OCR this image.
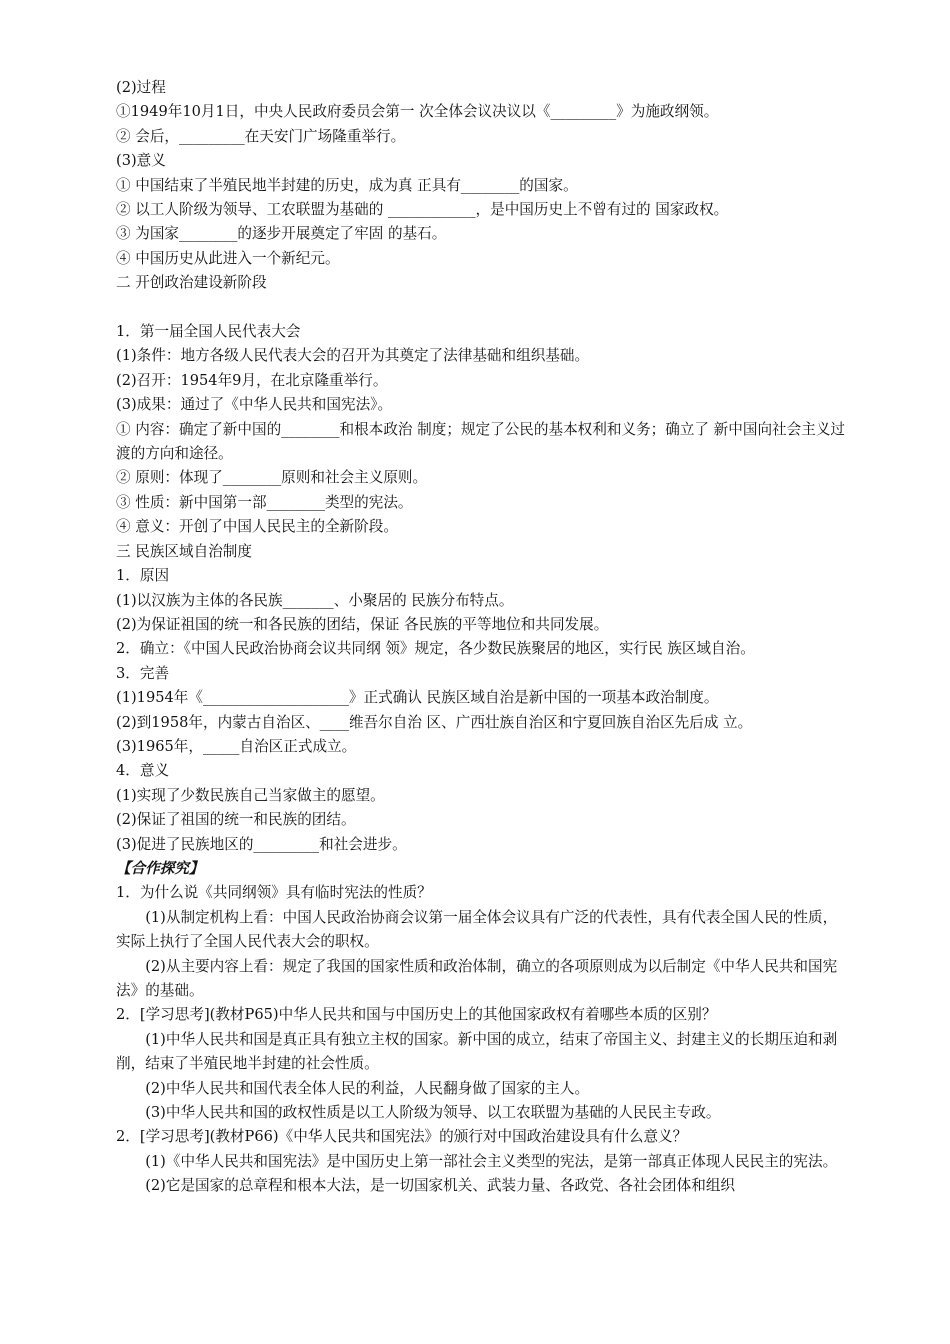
(2)过程
①1949年10月1日，中央人民政府委员会第一 次全体会议决议以《_________》为施政纲领。
② 会后，_________在天安门广场隆重举行。
(3)意义
① 中国结束了半殖民地半封建的历史，成为真 正具有________的国家。
② 以工人阶级为领导、工农联盟为基础的 ____________，是中国历史上不曾有过的 国家政权。
③ 为国家________的逐步开展奠定了牢固 的基石。
④ 中国历史从此进入一个新纪元。
二 开创政治建设新阶段
1．第一届全国人民代表大会
(1)条件：地方各级人民代表大会的召开为其奠定了法律基础和组织基础。
(2)召开：1954年9月，在北京隆重举行。
(3)成果：通过了《中华人民共和国宪法》。
① 内容：确定了新中国的________和根本政治 制度；规定了公民的基本权利和义务；确立了 新中国向社会主义过渡的方向和途径。
② 原则：体现了________原则和社会主义原则。
③ 性质：新中国第一部________类型的宪法。
④ 意义：开创了中国人民民主的全新阶段。
三 民族区域自治制度
1．原因
(1)以汉族为主体的各民族_______、小聚居的 民族分布特点。
(2)为保证祖国的统一和各民族的团结，保证 各民族的平等地位和共同发展。
2．确立：《中国人民政治协商会议共同纲 领》规定，各少数民族聚居的地区，实行民 族区域自治。
3．完善
(1)1954年《____________________》正式确认 民族区域自治是新中国的一项基本政治制度。
(2)到1958年，内蒙古自治区、____维吾尔自治 区、广西壮族自治区和宁夏回族自治区先后成 立。
(3)1965年，_____自治区正式成立。
4．意义
(1)实现了少数民族自己当家做主的愿望。
(2)保证了祖国的统一和民族的团结。
(3)促进了民族地区的_________和社会进步。
【合作探究】
1．为什么说《共同纲领》具有临时宪法的性质？
(1)从制定机构上看：中国人民政治协商会议第一届全体会议具有广泛的代表性，具有代表全国人民的性质，实际上执行了全国人民代表大会的职权。
(2)从主要内容上看：规定了我国的国家性质和政治体制，确立的各项原则成为以后制定《中华人民共和国宪法》的基础。
2．[学习思考](教材P65)中华人民共和国与中国历史上的其他国家政权有着哪些本质的区别？
(1)中华人民共和国是真正具有独立主权的国家。新中国的成立，结束了帝国主义、封建主义的长期压迫和剥削，结束了半殖民地半封建的社会性质。
(2)中华人民共和国代表全体人民的利益，人民翻身做了国家的主人。
(3)中华人民共和国的政权性质是以工人阶级为领导、以工农联盟为基础的人民民主专政。
2．[学习思考](教材P66)《中华人民共和国宪法》的颁行对中国政治建设具有什么意义？
(1)《中华人民共和国宪法》是中国历史上第一部社会主义类型的宪法，是第一部真正体现人民民主的宪法。
(2)它是国家的总章程和根本大法，是一切国家机关、武装力量、各政党、各社会团体和组织
